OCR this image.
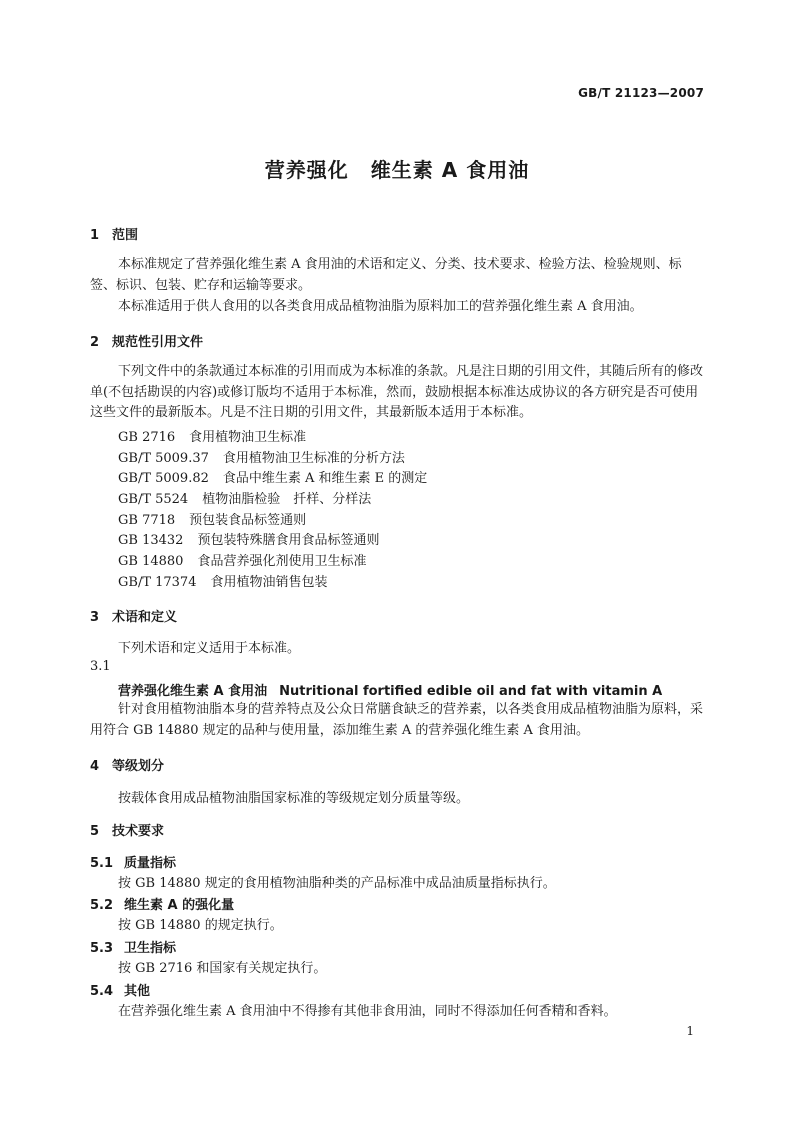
GB/T 21123—2007
营养强化 维生素 A 食用油
1 范围
本标准规定了营养强化维生素 A 食用油的术语和定义、分类、技术要求、检验方法、检验规则、标签、标识、包装、贮存和运输等要求。
本标准适用于供人食用的以各类食用成品植物油脂为原料加工的营养强化维生素 A 食用油。
2 规范性引用文件
下列文件中的条款通过本标准的引用而成为本标准的条款。凡是注日期的引用文件，其随后所有的修改单(不包括勘误的内容)或修订版均不适用于本标准，然而，鼓励根据本标准达成协议的各方研究是否可使用这些文件的最新版本。凡是不注日期的引用文件，其最新版本适用于本标准。
GB 2716 食用植物油卫生标准
GB/T 5009.37 食用植物油卫生标准的分析方法
GB/T 5009.82 食品中维生素 A 和维生素 E 的测定
GB/T 5524 植物油脂检验　扦样、分样法
GB 7718 预包装食品标签通则
GB 13432 预包装特殊膳食用食品标签通则
GB 14880 食品营养强化剂使用卫生标准
GB/T 17374 食用植物油销售包装
3 术语和定义
下列术语和定义适用于本标准。
3.1
营养强化维生素 A 食用油 Nutritional fortified edible oil and fat with vitamin A
针对食用植物油脂本身的营养特点及公众日常膳食缺乏的营养素，以各类食用成品植物油脂为原料，采用符合 GB 14880 规定的品种与使用量，添加维生素 A 的营养强化维生素 A 食用油。
4 等级划分
按载体食用成品植物油脂国家标准的等级规定划分质量等级。
5 技术要求
5.1 质量指标
按 GB 14880 规定的食用植物油脂种类的产品标准中成品油质量指标执行。
5.2 维生素 A 的强化量
按 GB 14880 的规定执行。
5.3 卫生指标
按 GB 2716 和国家有关规定执行。
5.4 其他
在营养强化维生素 A 食用油中不得掺有其他非食用油，同时不得添加任何香精和香料。
1
